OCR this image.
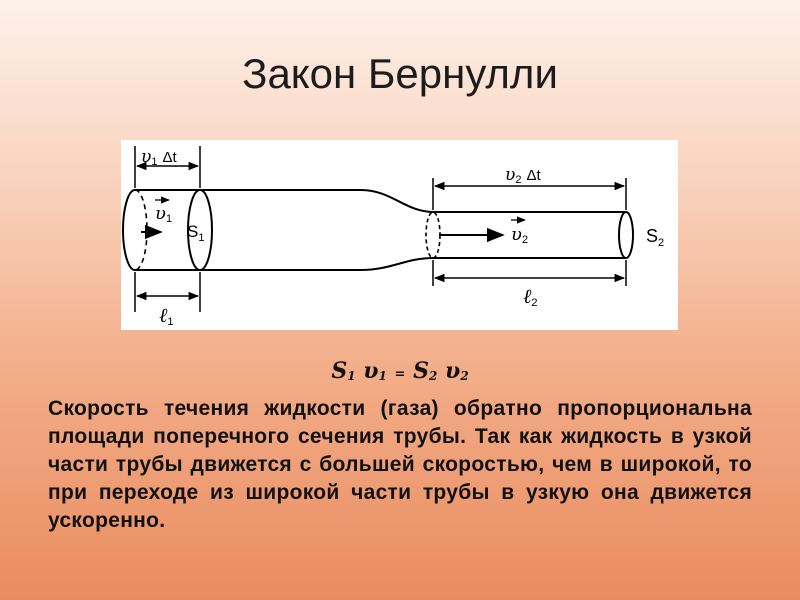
Закон Бернулли
υ1 Δt
υ2 Δt
υ1
υ2
$S_1$	$S_2$
ℓ1
ℓ2
S1 υ1 = S2 υ2
Скорость течения жидкости (газа) обратно пропорциональна площади поперечного сечения трубы. Так как жидкость в узкой части трубы движется с большей скоростью, чем в широкой, то при переходе из широкой части трубы в узкую она движется ускоренно.
